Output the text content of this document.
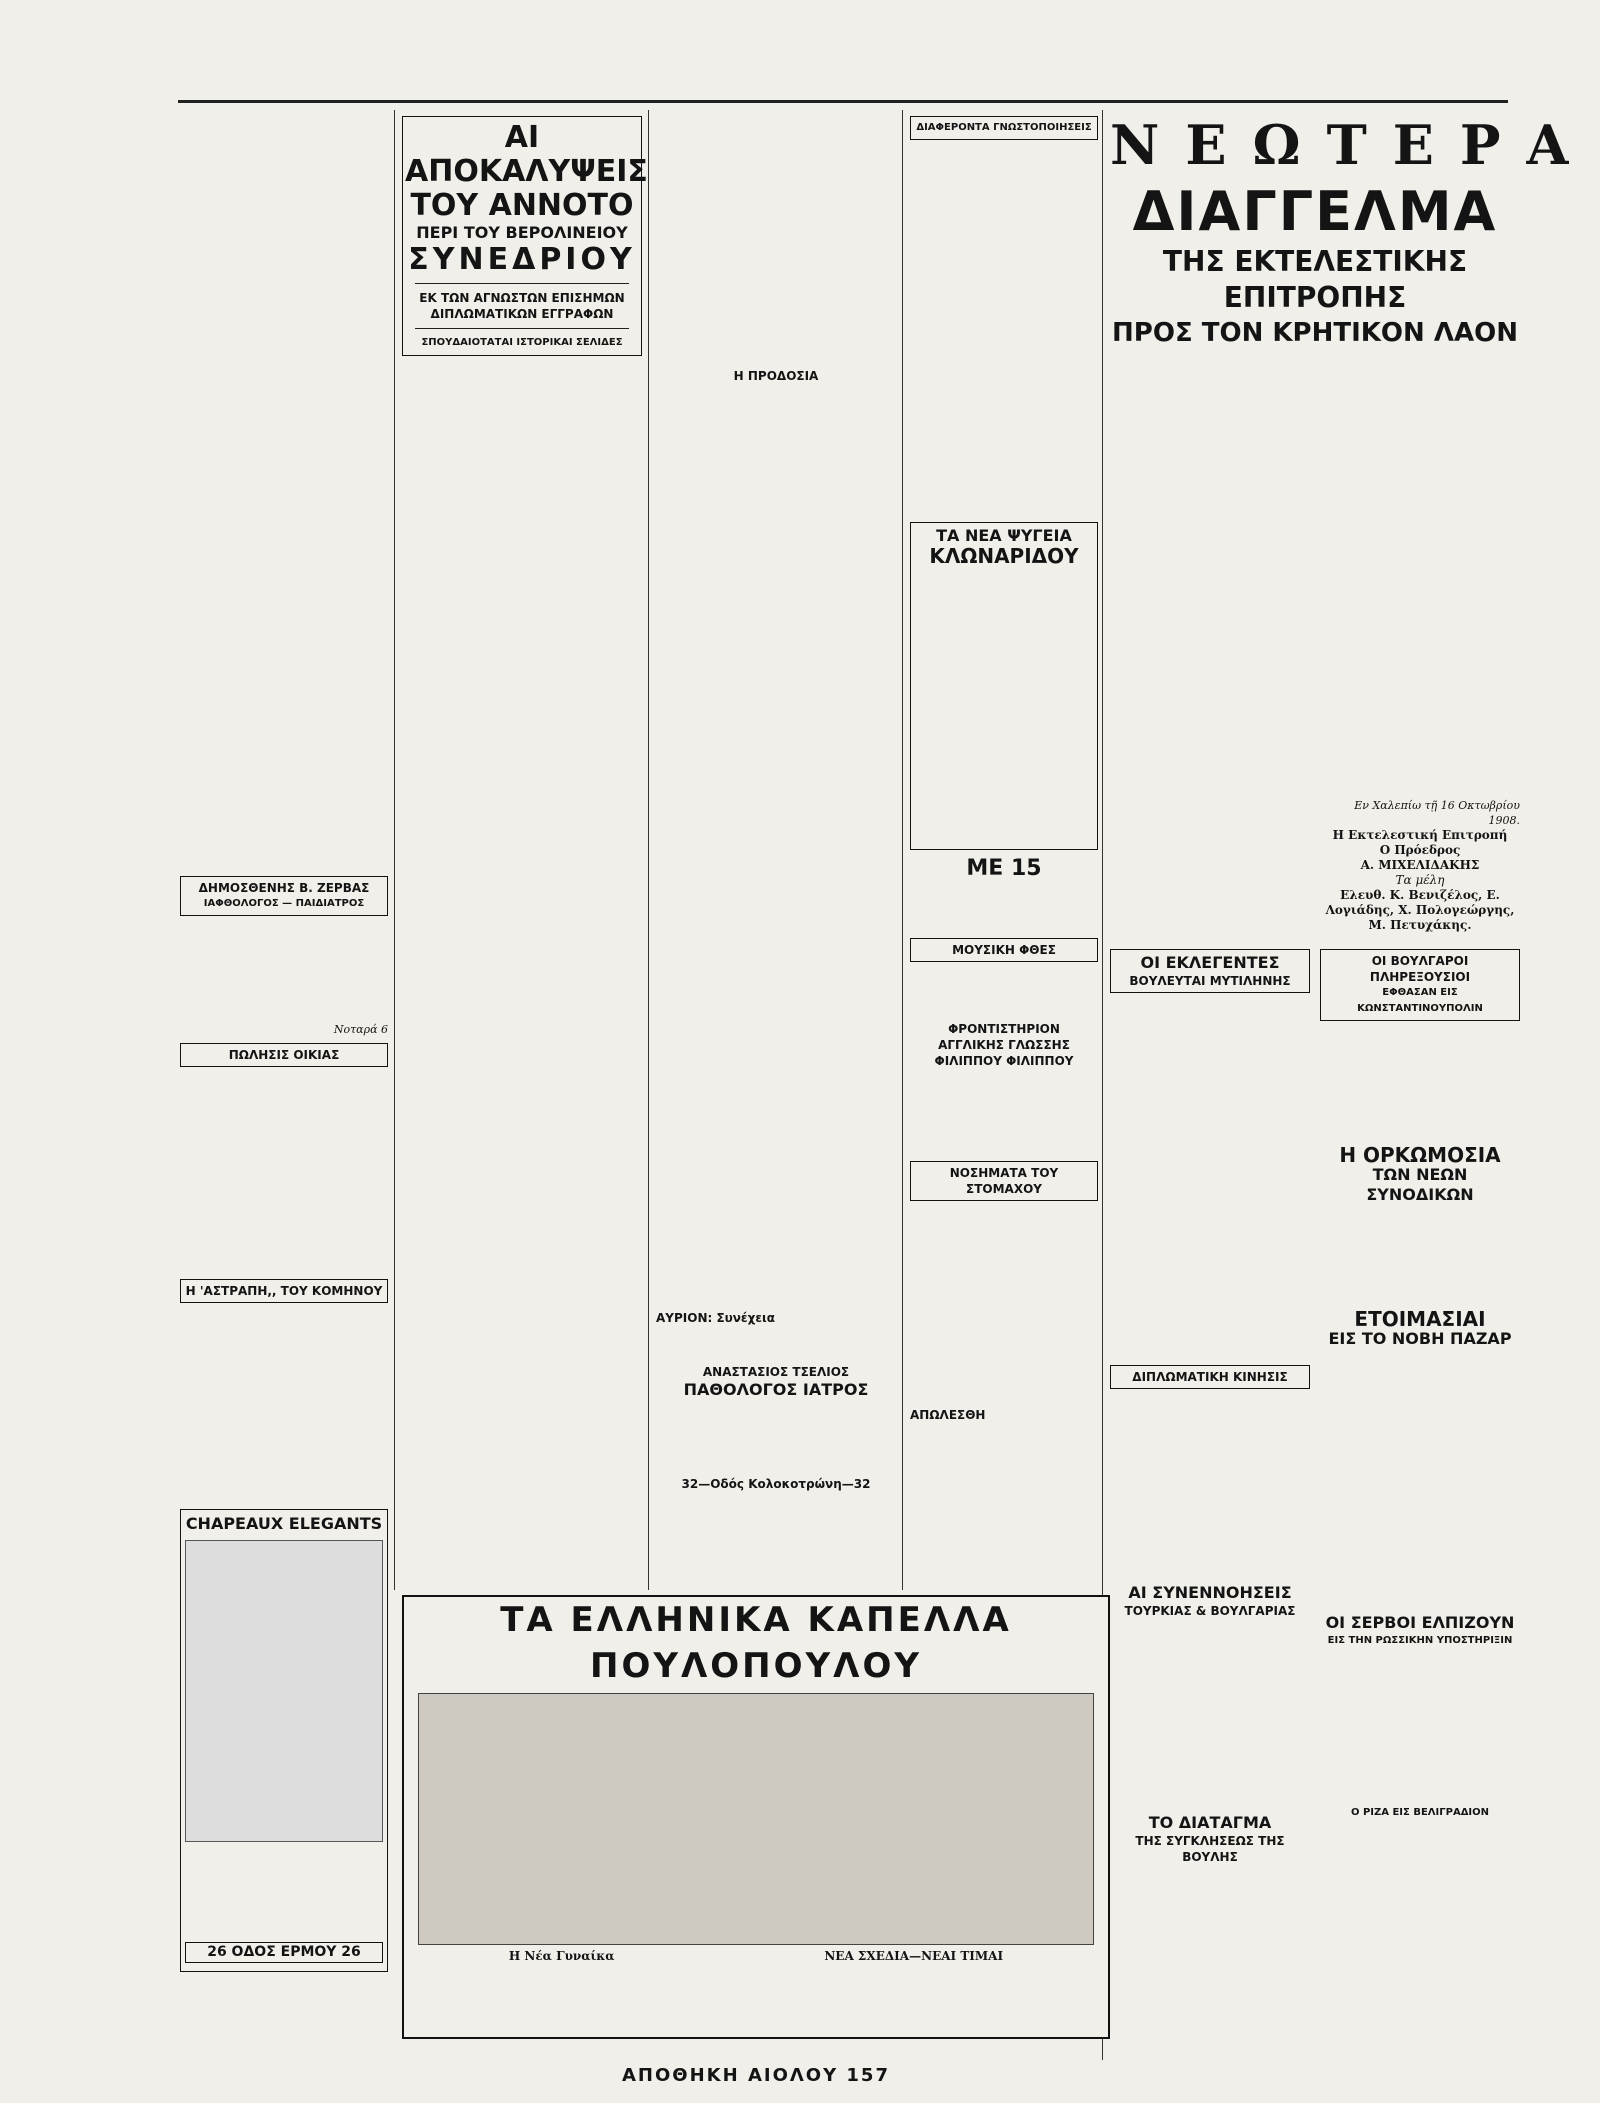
ΔΗΜΟΣΘΕΝΗΣ Β. ΖΕΡΒΑΣ
ΙΑΦΘΟΛΟΓΟΣ — ΠΑΙΔΙΑΤΡΟΣ
Νοταρά 6
ΠΩΛΗΣΙΣ ΟΙΚΙΑΣ
Η 'ΑΣΤΡΑΠΗ,, ΤΟΥ ΚΟΜΗΝΟΥ
CHAPEAUX ELEGANTS
26 ΟΔΟΣ ΕΡΜΟΥ 26
ΑΙ ΑΠΟΚΑΛΥΨΕΙΣ
ΤΟΥ ΑΝΝΟΤΟ
ΠΕΡΙ ΤΟΥ ΒΕΡΟΛΙΝΕΙΟΥ
ΣΥΝΕΔΡΙΟΥ
ΕΚ ΤΩΝ ΑΓΝΩΣΤΩΝ ΕΠΙΣΗΜΩΝ
ΔΙΠΛΩΜΑΤΙΚΩΝ ΕΓΓΡΑΦΩΝ
ΣΠΟΥΔΑΙΟΤΑΤΑΙ ΙΣΤΟΡΙΚΑΙ ΣΕΛΙΔΕΣ
Η ΠΡΟΔΟΣΙΑ
ΑΥΡΙΟΝ: Συνέχεια
ΑΝΑΣΤΑΣΙΟΣ ΤΣΕΛΙΟΣ
ΠΑΘΟΛΟΓΟΣ ΙΑΤΡΟΣ
32—Οδός Κολοκοτρώνη—32
ΔΙΑΦΕΡΟΝΤΑ ΓΝΩΣΤΟΠΟΙΗΣΕΙΣ
ΤΑ ΝΕΑ ΨΥΓΕΙΑ
ΚΛΩΝΑΡΙΔΟΥ
ΜΕ 15
ΜΟΥΣΙΚΗ ΦΘΕΣ
ΦΡΟΝΤΙΣΤΗΡΙΟΝ
ΑΓΓΛΙΚΗΣ ΓΛΩΣΣΗΣ
ΦΙΛΙΠΠΟΥ ΦΙΛΙΠΠΟΥ
ΝΟΣΗΜΑΤΑ ΤΟΥ ΣΤΟΜΑΧΟΥ
ΑΠΩΛΕΣΘΗ
ΝΕΩΤΕΡΑ
ΔΙΑΓΓΕΛΜΑ
ΤΗΣ ΕΚΤΕΛΕΣΤΙΚΗΣ ΕΠΙΤΡΟΠΗΣ
ΠΡΟΣ ΤΟΝ ΚΡΗΤΙΚΟΝ ΛΑΟΝ
Εν Χαλεπίω τῇ 16 Οκτωβρίου 1908.
Η Εκτελεστική Επιτροπή
Ο Πρόεδρος
Α. ΜΙΧΕΛΙΔΑΚΗΣ
Τα μέλη
Ελευθ. Κ. Βενιζέλος, Ε. Λογιάδης, Χ. Πολογεώργης, Μ. Πετυχάκης.
ΟΙ ΕΚΛΕΓΕΝΤΕΣ
ΒΟΥΛΕΥΤΑΙ ΜΥΤΙΛΗΝΗΣ
ΔΙΠΛΩΜΑΤΙΚΗ ΚΙΝΗΣΙΣ
ΑΙ ΣΥΝΕΝΝΟΗΣΕΙΣ
ΤΟΥΡΚΙΑΣ & ΒΟΥΛΓΑΡΙΑΣ
ΤΟ ΔΙΑΤΑΓΜΑ
ΤΗΣ ΣΥΓΚΛΗΣΕΩΣ ΤΗΣ ΒΟΥΛΗΣ
ΟΙ ΒΟΥΛΓΑΡΟΙ ΠΛΗΡΕΞΟΥΣΙΟΙ
ΕΦΘΑΣΑΝ ΕΙΣ ΚΩΝΣΤΑΝΤΙΝΟΥΠΟΛΙΝ
Η ΟΡΚΩΜΟΣΙΑ
ΤΩΝ ΝΕΩΝ ΣΥΝΟΔΙΚΩΝ
ΕΤΟΙΜΑΣΙΑΙ
ΕΙΣ ΤΟ ΝΟΒΗ ΠΑΖΑΡ
ΟΙ ΣΕΡΒΟΙ ΕΛΠΙΖΟΥΝ
ΕΙΣ ΤΗΝ ΡΩΣΣΙΚΗΝ ΥΠΟΣΤΗΡΙΞΙΝ
Ο ΡΙΖΑ ΕΙΣ ΒΕΛΙΓΡΑΔΙΟΝ
ΤΑ ΕΛΛΗΝΙΚΑ ΚΑΠΕΛΛΑ ΠΟΥΛΟΠΟΥΛΟΥ
Η Νέα Γυναίκα	ΝΕΑ ΣΧΕΔΙΑ—ΝΕΑΙ ΤΙΜΑΙ
ΑΠΟΘΗΚΗ ΑΙΟΛΟΥ 157
